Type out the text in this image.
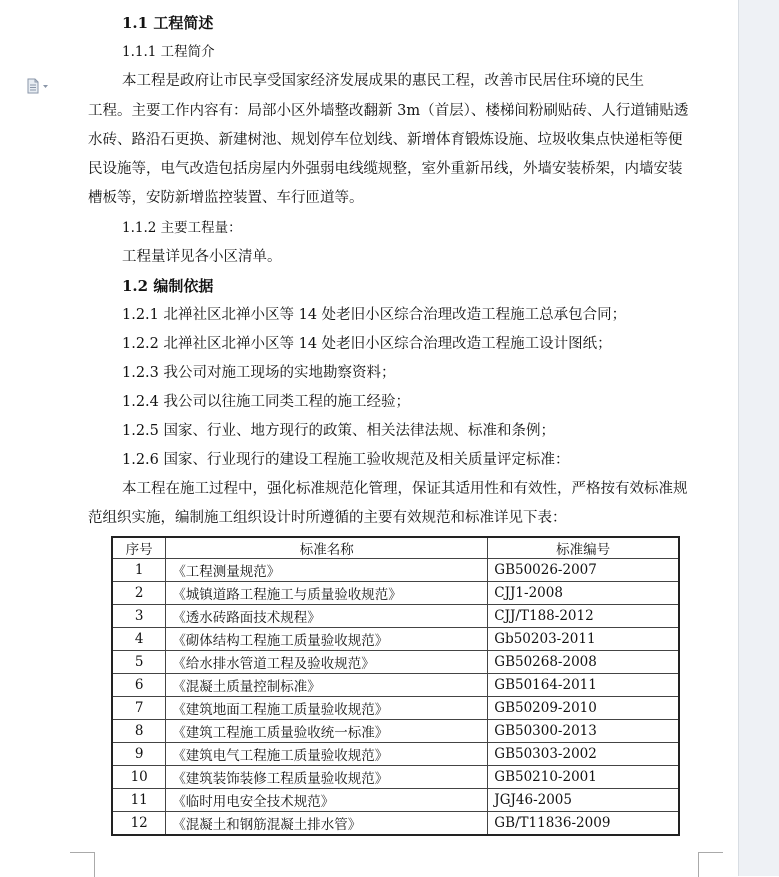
1.1 工程简述
1.1.1 工程简介
本工程是政府让市民享受国家经济发展成果的惠民工程，改善市民居住环境的民生
工程。主要工作内容有：局部小区外墙整改翻新 3m（首层）、楼梯间粉刷贴砖、人行道铺贴透
水砖、路沿石更换、新建树池、规划停车位划线、新增体育锻炼设施、垃圾收集点快递柜等便
民设施等，电气改造包括房屋内外强弱电线缆规整，室外重新吊线，外墙安装桥架，内墙安装
槽板等，安防新增监控装置、车行匝道等。
1.1.2 主要工程量：
工程量详见各小区清单。
1.2 编制依据
1.2.1 北禅社区北禅小区等 14 处老旧小区综合治理改造工程施工总承包合同；
1.2.2 北禅社区北禅小区等 14 处老旧小区综合治理改造工程施工设计图纸；
1.2.3 我公司对施工现场的实地勘察资料；
1.2.4 我公司以往施工同类工程的施工经验；
1.2.5 国家、行业、地方现行的政策、相关法律法规、标准和条例；
1.2.6 国家、行业现行的建设工程施工验收规范及相关质量评定标准：
本工程在施工过程中，强化标准规范化管理，保证其适用性和有效性，严格按有效标准规
范组织实施，编制施工组织设计时所遵循的主要有效规范和标准详见下表：
序号	标准名称	标准编号
1	《工程测量规范》	GB50026-2007
2	《城镇道路工程施工与质量验收规范》	CJJ1-2008
3	《透水砖路面技术规程》	CJJ/T188-2012
4	《砌体结构工程施工质量验收规范》	Gb50203-2011
5	《给水排水管道工程及验收规范》	GB50268-2008
6	《混凝土质量控制标准》	GB50164-2011
7	《建筑地面工程施工质量验收规范》	GB50209-2010
8	《建筑工程施工质量验收统一标准》	GB50300-2013
9	《建筑电气工程施工质量验收规范》	GB50303-2002
10	《建筑装饰装修工程质量验收规范》	GB50210-2001
11	《临时用电安全技术规范》	JGJ46-2005
12	《混凝土和钢筋混凝土排水管》	GB/T11836-2009
